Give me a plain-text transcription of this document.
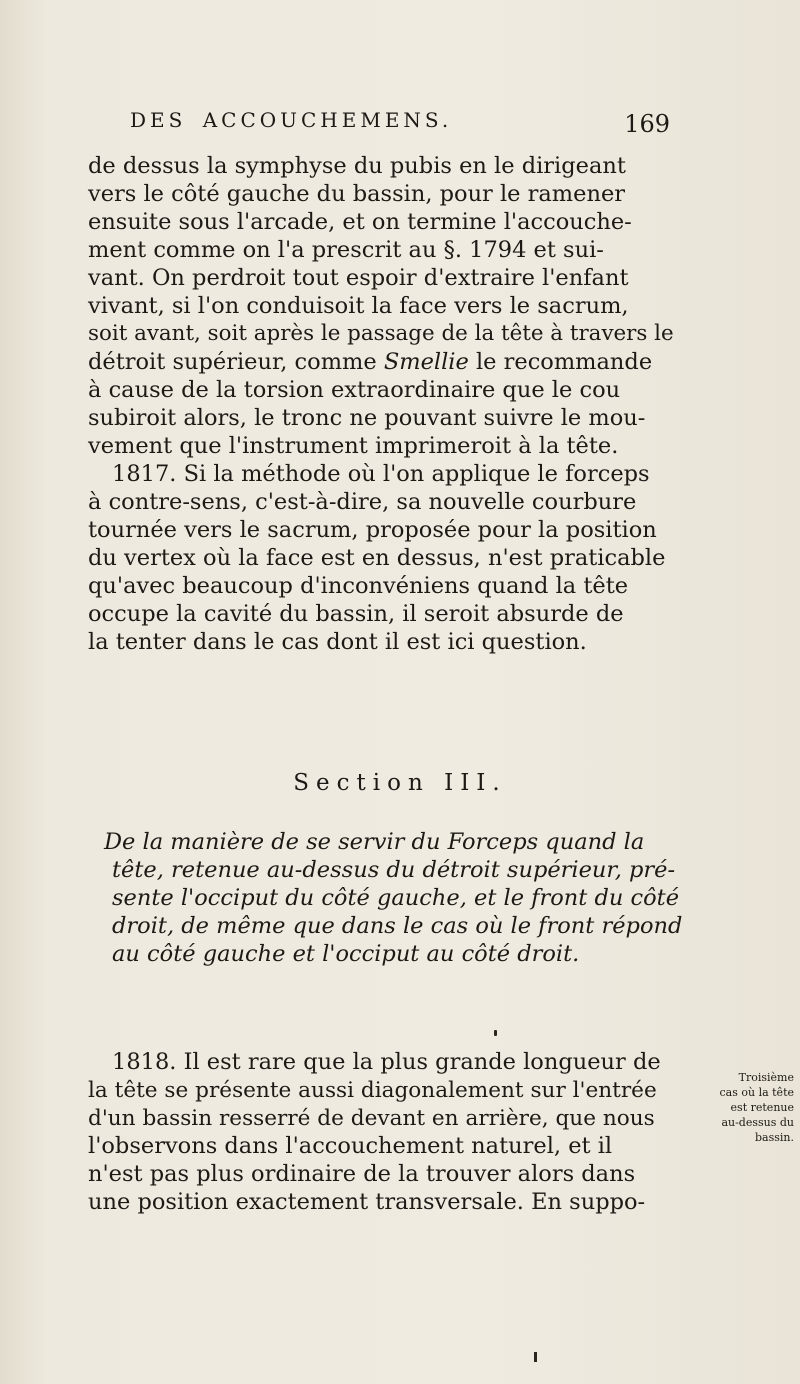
DES ACCOUCHEMENS.	169
de dessus la symphyse du pubis en le dirigeant
vers le côté gauche du bassin, pour le ramener
ensuite sous l'arcade, et on termine l'accouche-
ment comme on l'a prescrit au §. 1794 et sui-
vant. On perdroit tout espoir d'extraire l'enfant
vivant, si l'on conduisoit la face vers le sacrum,
soit avant, soit après le passage de la tête à travers le
détroit supérieur, comme Smellie le recommande
à cause de la torsion extraordinaire que le cou
subiroit alors, le tronc ne pouvant suivre le mou-
vement que l'instrument imprimeroit à la tête.
1817. Si la méthode où l'on applique le forceps
à contre-sens, c'est-à-dire, sa nouvelle courbure
tournée vers le sacrum, proposée pour la position
du vertex où la face est en dessus, n'est praticable
qu'avec beaucoup d'inconvéniens quand la tête
occupe la cavité du bassin, il seroit absurde de
la tenter dans le cas dont il est ici question.
Section III.
De la manière de se servir du Forceps quand la
tête, retenue au-dessus du détroit supérieur, pré-
sente l'occiput du côté gauche, et le front du côté
droit, de même que dans le cas où le front répond
au côté gauche et l'occiput au côté droit.
1818. Il est rare que la plus grande longueur de
la tête se présente aussi diagonalement sur l'entrée
d'un bassin resserré de devant en arrière, que nous
l'observons dans l'accouchement naturel, et il
n'est pas plus ordinaire de la trouver alors dans
une position exactement transversale. En suppo-
Troisième
cas où la tête
est retenue
au-dessus du
bassin.
